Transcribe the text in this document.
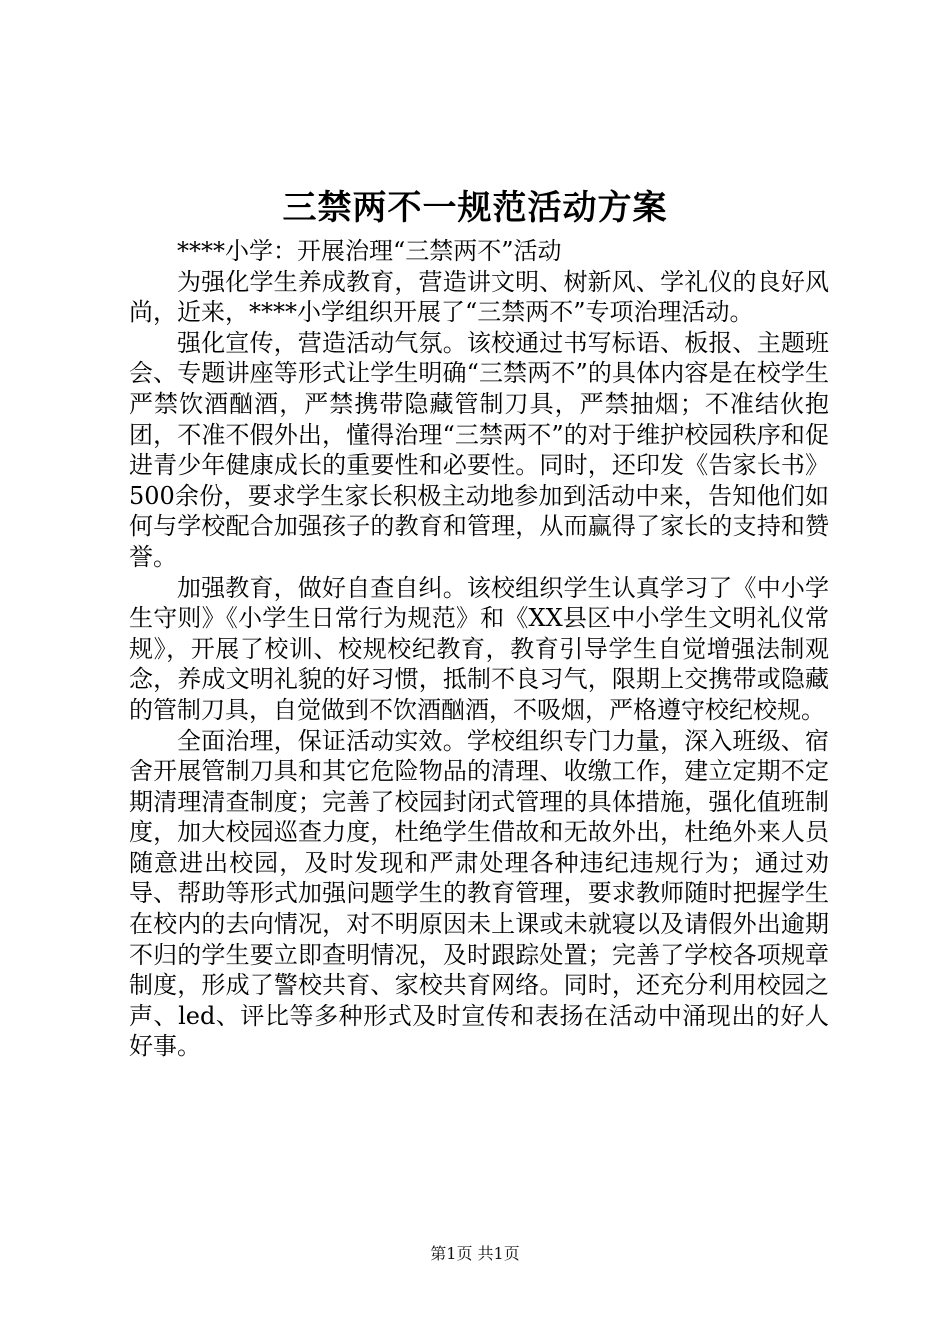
三禁两不一规范活动方案

****小学：开展治理“三禁两不”活动

为强化学生养成教育，营造讲文明、树新风、学礼仪的良好风尚，近来，****小学组织开展了“三禁两不”专项治理活动。

强化宣传，营造活动气氛。该校通过书写标语、板报、主题班会、专题讲座等形式让学生明确“三禁两不”的具体内容是在校学生严禁饮酒酗酒，严禁携带隐藏管制刀具，严禁抽烟；不准结伙抱团，不准不假外出，懂得治理“三禁两不”的对于维护校园秩序和促进青少年健康成长的重要性和必要性。同时，还印发《告家长书》500余份，要求学生家长积极主动地参加到活动中来，告知他们如何与学校配合加强孩子的教育和管理，从而赢得了家长的支持和赞誉。

加强教育，做好自查自纠。该校组织学生认真学习了《中小学生守则》《小学生日常行为规范》和《XX县区中小学生文明礼仪常规》，开展了校训、校规校纪教育，教育引导学生自觉增强法制观念，养成文明礼貌的好习惯，抵制不良习气，限期上交携带或隐藏的管制刀具，自觉做到不饮酒酗酒，不吸烟，严格遵守校纪校规。

全面治理，保证活动实效。学校组织专门力量，深入班级、宿舍开展管制刀具和其它危险物品的清理、收缴工作，建立定期不定期清理清查制度；完善了校园封闭式管理的具体措施，强化值班制度，加大校园巡查力度，杜绝学生借故和无故外出，杜绝外来人员随意进出校园，及时发现和严肃处理各种违纪违规行为；通过劝导、帮助等形式加强问题学生的教育管理，要求教师随时把握学生在校内的去向情况，对不明原因未上课或未就寝以及请假外出逾期不归的学生要立即查明情况，及时跟踪处置；完善了学校各项规章制度，形成了警校共育、家校共育网络。同时，还充分利用校园之声、led、评比等多种形式及时宣传和表扬在活动中涌现出的好人好事。

第1页 共1页
